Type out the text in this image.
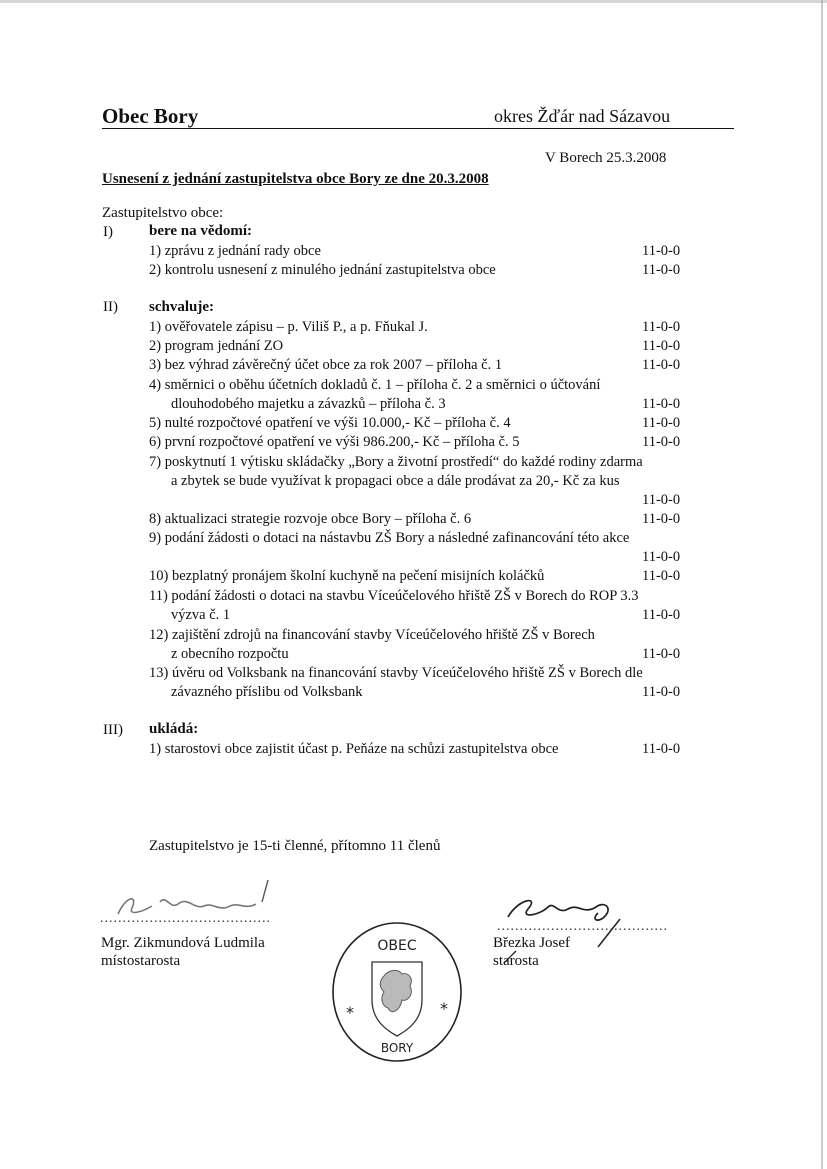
Obec Bory	okres Žďár nad Sázavou
V Borech 25.3.2008
Usnesení z jednání zastupitelstva obce Bory ze dne 20.3.2008
Zastupitelstvo obce:
I) bere na vědomí:
1) zprávu z jednání rady obce	11-0-0
2) kontrolu usnesení z minulého jednání zastupitelstva obce	11-0-0
II) schvaluje:
1) ověřovatele zápisu – p. Viliš P., a p. Fňukal J.	11-0-0
2) program jednání ZO	11-0-0
3) bez výhrad závěrečný účet obce za rok 2007 – příloha č. 1	11-0-0
4) směrnici o oběhu účetních dokladů č. 1 – příloha č. 2 a směrnici o účtování
dlouhodobého majetku a závazků – příloha č. 3	11-0-0
5) nulté rozpočtové opatření ve výši 10.000,- Kč – příloha č. 4	11-0-0
6) první rozpočtové opatření ve výši 986.200,- Kč – příloha č. 5	11-0-0
7) poskytnutí 1 výtisku skládačky „Bory a životní prostředí“ do každé rodiny zdarma
a zbytek se bude využívat k propagaci obce a dále prodávat za 20,- Kč za kus
11-0-0
8) aktualizaci strategie rozvoje obce Bory – příloha č. 6	11-0-0
9) podání žádosti o dotaci na nástavbu ZŠ Bory a následné zafinancování této akce
11-0-0
10) bezplatný pronájem školní kuchyně na pečení misijních koláčků	11-0-0
11) podání žádosti o dotaci na stavbu Víceúčelového hřiště ZŠ v Borech do ROP 3.3
výzva č. 1	11-0-0
12) zajištění zdrojů na financování stavby Víceúčelového hřiště ZŠ v Borech
z obecního rozpočtu	11-0-0
13) úvěru od Volksbank na financování stavby Víceúčelového hřiště ZŠ v Borech dle
závazného příslibu od Volksbank	11-0-0
III) ukládá:
1) starostovi obce zajistit účast p. Peňáze na schůzi zastupitelstva obce	11-0-0
Zastupitelstvo je 15-ti členné, přítomno 11 členů
......................................
Mgr. Zikmundová Ludmila
místostarosta
......................................
Březka Josef
starosta
OBEC
BORY
*	*
